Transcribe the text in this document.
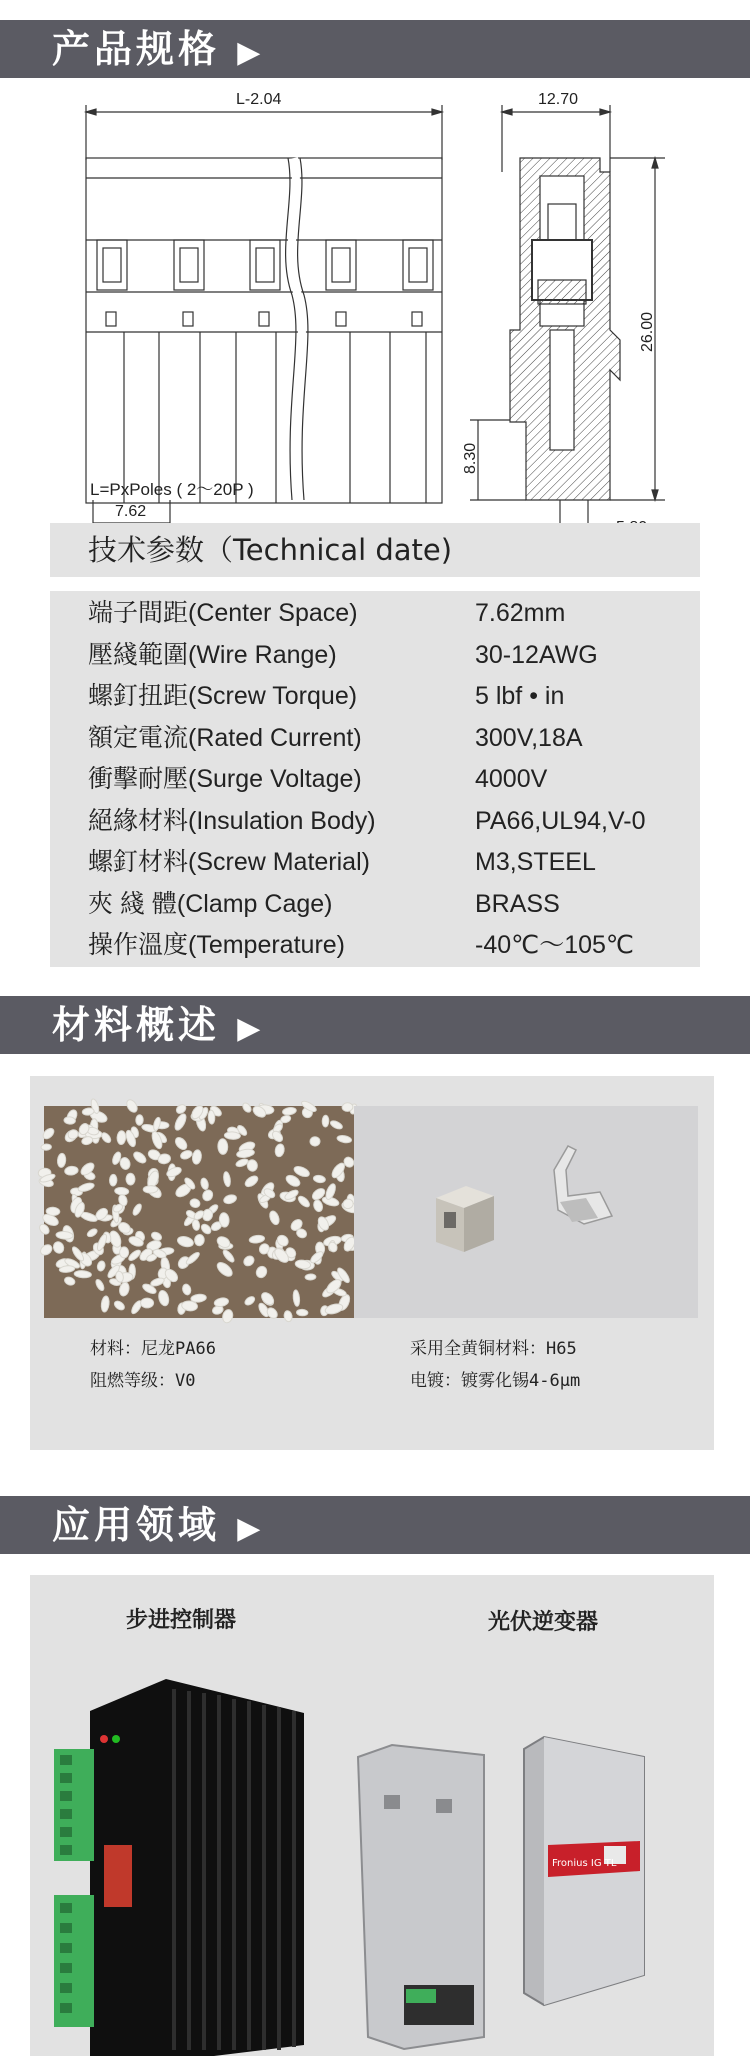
产品规格 ▶
L-2.04	12.70
26.00
8.30
7.62
L=PxPoles ( 2～20P )
技术参数（Technical date)
端子間距(Center Space)	7.62mm
壓綫範圍(Wire Range)	30-12AWG
螺釘扭距(Screw Torque)	5 lbf • in
額定電流(Rated Current)	300V,18A
衝擊耐壓(Surge Voltage)	4000V
絕緣材料(Insulation Body)	PA66,UL94,V-0
螺釘材料(Screw Material)	M3,STEEL
夾 綫 體(Clamp Cage)	BRASS
操作溫度(Temperature)	-40℃～105℃
材料概述 ▶
材料：尼龙PA66
阻燃等级：V0
采用全黄铜材料：H65
电镀：镀雾化锡4-6μm
应用领域 ▶
步进控制器	光伏逆变器
Fronius IG TL
